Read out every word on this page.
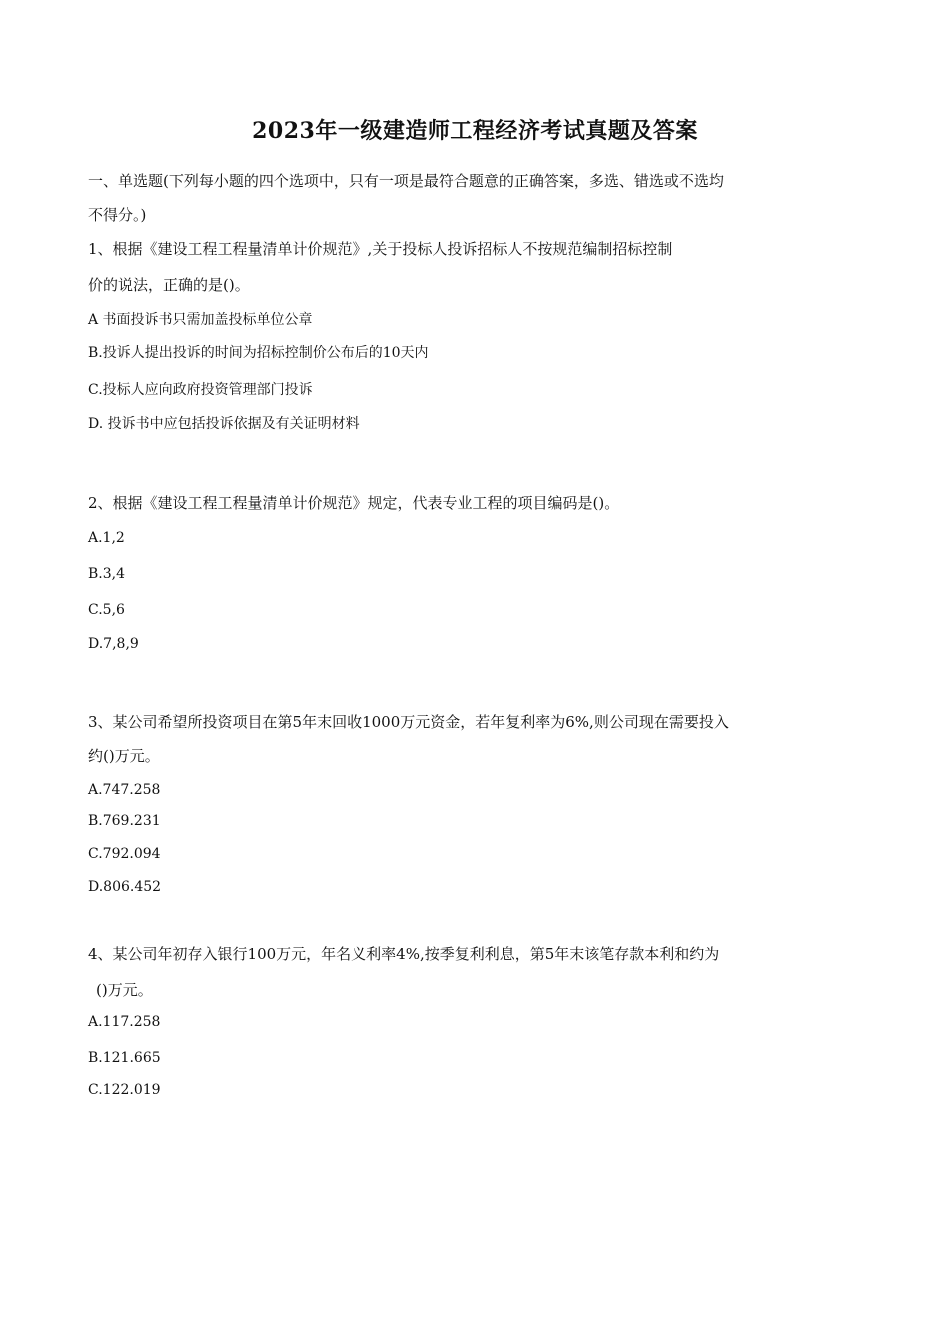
2023年一级建造师工程经济考试真题及答案
一、单选题(下列每小题的四个选项中，只有一项是最符合题意的正确答案，多选、错选或不选均
不得分。)
1、根据《建设工程工程量清单计价规范》,关于投标人投诉招标人不按规范编制招标控制
价的说法，正确的是()。
A 书面投诉书只需加盖投标单位公章
B.投诉人提出投诉的时间为招标控制价公布后的10天内
C.投标人应向政府投资管理部门投诉
D. 投诉书中应包括投诉依据及有关证明材料
2、根据《建设工程工程量清单计价规范》规定，代表专业工程的项目编码是()。
A.1,2
B.3,4
C.5,6
D.7,8,9
3、某公司希望所投资项目在第5年末回收1000万元资金，若年复利率为6%,则公司现在需要投入
约()万元。
A.747.258
B.769.231
C.792.094
D.806.452
4、某公司年初存入银行100万元，年名义利率4%,按季复利利息，第5年末该笔存款本利和约为
()万元。
A.117.258
B.121.665
C.122.019
